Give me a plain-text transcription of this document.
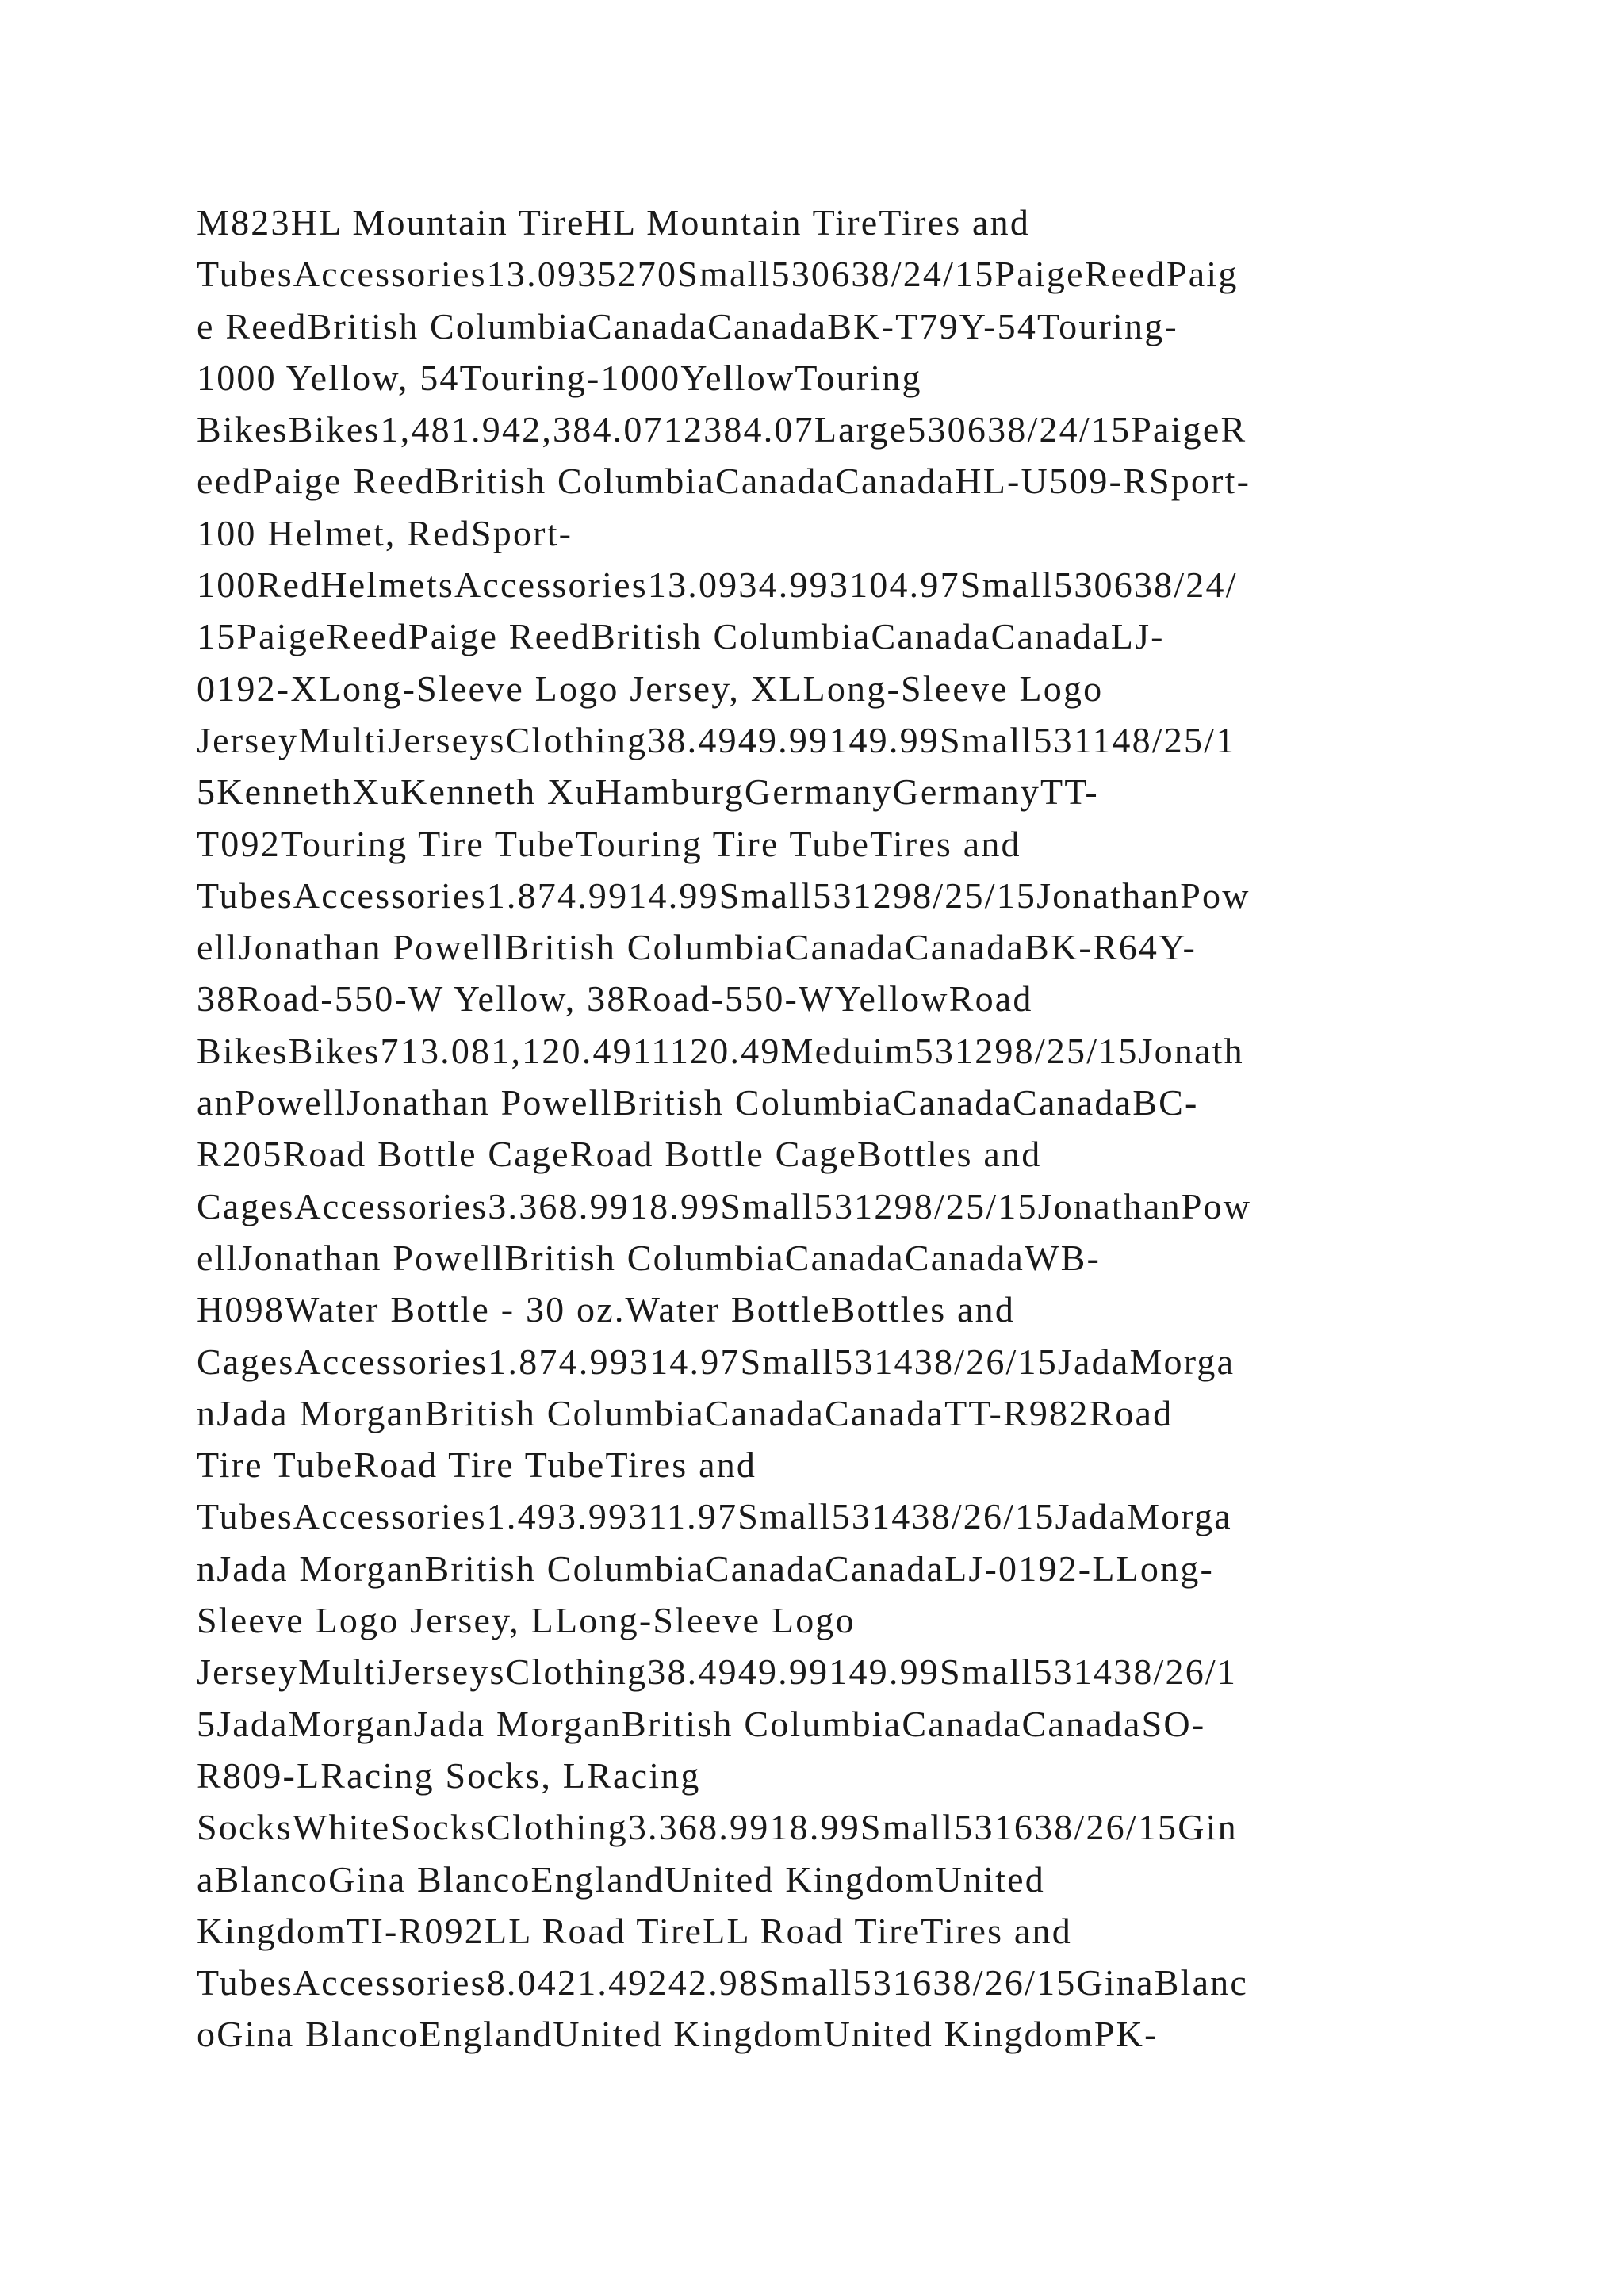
M823HL Mountain TireHL Mountain TireTires and
TubesAccessories13.0935270Small530638/24/15PaigeReedPaig
e ReedBritish ColumbiaCanadaCanadaBK-T79Y-54Touring-
1000 Yellow, 54Touring-1000YellowTouring
BikesBikes1,481.942,384.0712384.07Large530638/24/15PaigeR
eedPaige ReedBritish ColumbiaCanadaCanadaHL-U509-RSport-
100 Helmet, RedSport-
100RedHelmetsAccessories13.0934.993104.97Small530638/24/
15PaigeReedPaige ReedBritish ColumbiaCanadaCanadaLJ-
0192-XLong-Sleeve Logo Jersey, XLLong-Sleeve Logo
JerseyMultiJerseysClothing38.4949.99149.99Small531148/25/1
5KennethXuKenneth XuHamburgGermanyGermanyTT-
T092Touring Tire TubeTouring Tire TubeTires and
TubesAccessories1.874.9914.99Small531298/25/15JonathanPow
ellJonathan PowellBritish ColumbiaCanadaCanadaBK-R64Y-
38Road-550-W Yellow, 38Road-550-WYellowRoad
BikesBikes713.081,120.4911120.49Meduim531298/25/15Jonath
anPowellJonathan PowellBritish ColumbiaCanadaCanadaBC-
R205Road Bottle CageRoad Bottle CageBottles and
CagesAccessories3.368.9918.99Small531298/25/15JonathanPow
ellJonathan PowellBritish ColumbiaCanadaCanadaWB-
H098Water Bottle - 30 oz.Water BottleBottles and
CagesAccessories1.874.99314.97Small531438/26/15JadaMorga
nJada MorganBritish ColumbiaCanadaCanadaTT-R982Road
Tire TubeRoad Tire TubeTires and
TubesAccessories1.493.99311.97Small531438/26/15JadaMorga
nJada MorganBritish ColumbiaCanadaCanadaLJ-0192-LLong-
Sleeve Logo Jersey, LLong-Sleeve Logo
JerseyMultiJerseysClothing38.4949.99149.99Small531438/26/1
5JadaMorganJada MorganBritish ColumbiaCanadaCanadaSO-
R809-LRacing Socks, LRacing
SocksWhiteSocksClothing3.368.9918.99Small531638/26/15Gin
aBlancoGina BlancoEnglandUnited KingdomUnited
KingdomTI-R092LL Road TireLL Road TireTires and
TubesAccessories8.0421.49242.98Small531638/26/15GinaBlanc
oGina BlancoEnglandUnited KingdomUnited KingdomPK-
